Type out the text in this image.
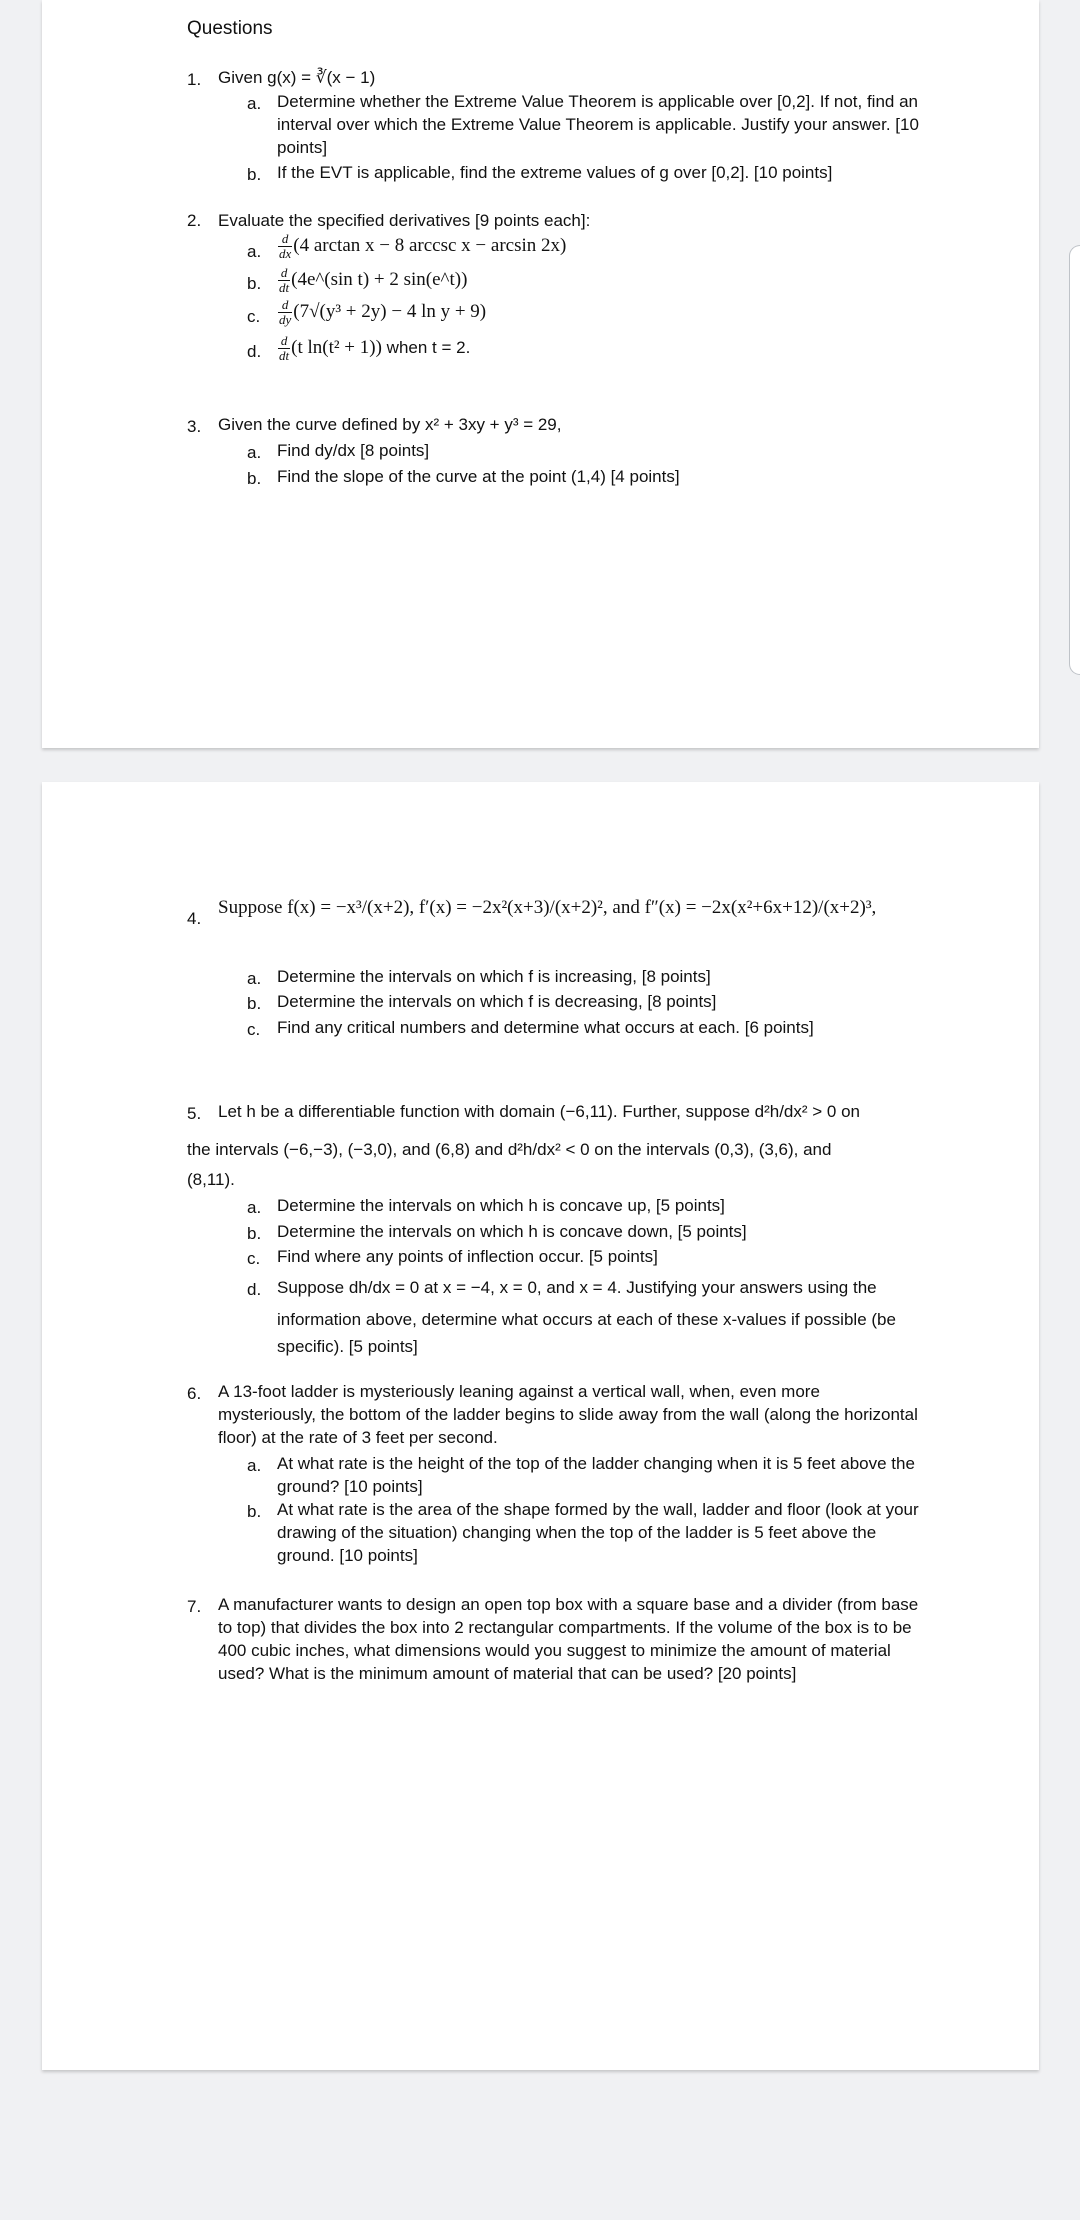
Questions
1. Given g(x) = ∛(x − 1)
a. Determine whether the Extreme Value Theorem is applicable over [0,2]. If not, find an interval over which the Extreme Value Theorem is applicable. Justify your answer. [10 points]
b. If the EVT is applicable, find the extreme values of g over [0,2]. [10 points]
2. Evaluate the specified derivatives [9 points each]:
a. $\frac{d}{dx} (4$ arctan x − 8 arccsc x − arcsin 2x)
b. $\frac{d}{dt}$ (4e^(sin t) + 2 sin(e^t))
c. $\frac{d}{dy} (7√(y^3 + 2y) - 4$ ln y + 9)
d. $\frac{d}{dt} (t$ ln(t² + 1)) when t = 2.
3. Given the curve defined by x² + 3xy + y³ = 29,
a. Find dy/dx [8 points]
b. Find the slope of the curve at the point (1,4) [4 points]
4.
Suppose f(x) = −x³/(x+2), f′(x) = −2x²(x+3)/(x+2)², and f″(x) = −2x(x²+6x+12)/(x+2)³,
a. Determine the intervals on which f is increasing, [8 points]
b. Determine the intervals on which f is decreasing, [8 points]
c. Find any critical numbers and determine what occurs at each. [6 points]
5. Let h be a differentiable function with domain (−6,11). Further, suppose d²h/dx² > 0 on
the intervals (−6,−3), (−3,0), and (6,8) and d²h/dx² < 0 on the intervals (0,3), (3,6), and
(8,11).
a. Determine the intervals on which h is concave up, [5 points]
b. Determine the intervals on which h is concave down, [5 points]
c. Find where any points of inflection occur. [5 points]
d. Suppose dh/dx = 0 at x = −4, x = 0, and x = 4. Justifying your answers using the
information above, determine what occurs at each of these x-values if possible (be specific). [5 points]
6. A 13-foot ladder is mysteriously leaning against a vertical wall, when, even more mysteriously, the bottom of the ladder begins to slide away from the wall (along the horizontal floor) at the rate of 3 feet per second.
a. At what rate is the height of the top of the ladder changing when it is 5 feet above the ground? [10 points]
b. At what rate is the area of the shape formed by the wall, ladder and floor (look at your drawing of the situation) changing when the top of the ladder is 5 feet above the ground. [10 points]
7. A manufacturer wants to design an open top box with a square base and a divider (from base to top) that divides the box into 2 rectangular compartments. If the volume of the box is to be 400 cubic inches, what dimensions would you suggest to minimize the amount of material used? What is the minimum amount of material that can be used? [20 points]
